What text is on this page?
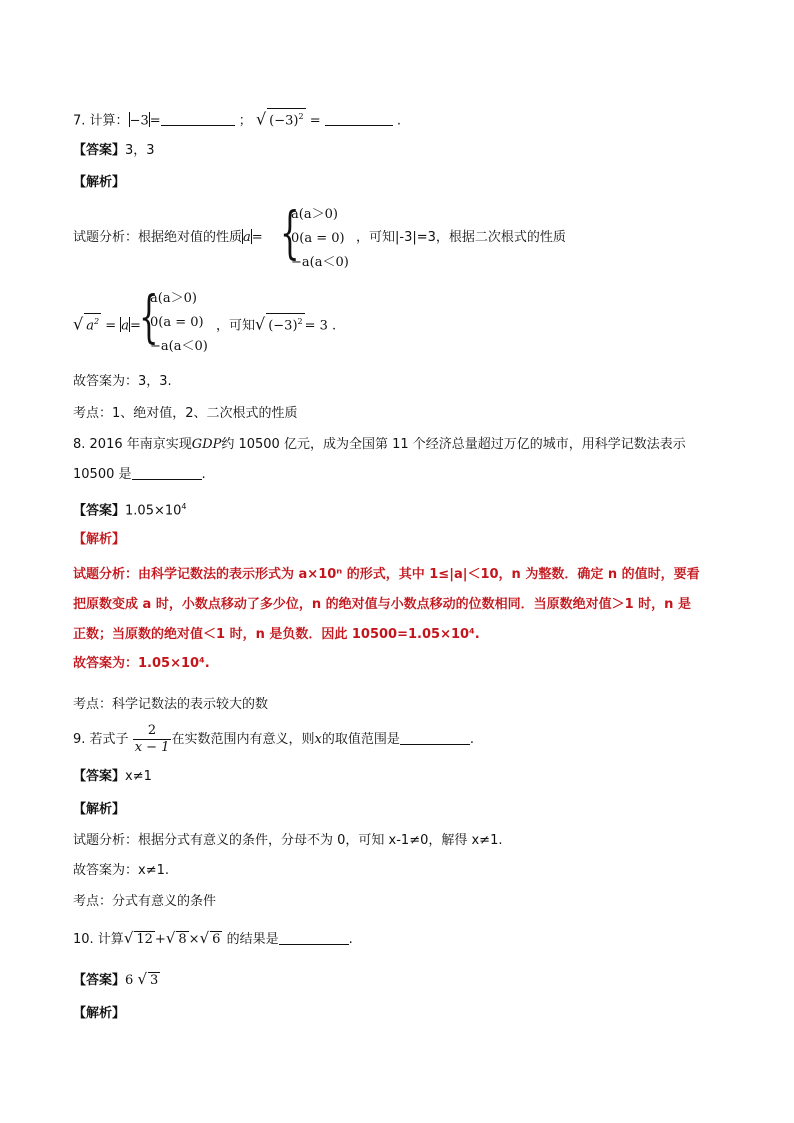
7. 计算：−3=	； √ $(-3)^2$ =	.
【答案】3，3
【解析】
试题分析：根据绝对值的性质a= {
a(a＞0)
0(a = 0)
−a(a＜0)
，可知|-3|=3，根据二次根式的性质
√ $a^2 = a=$
{
a(a＞0)
0(a = 0)
−a(a＜0)
，可知√ $(-3)^2 = 3$ .
故答案为：3，3.
考点：1、绝对值，2、二次根式的性质
8. 2016 年南京实现GDP约 10500 亿元，成为全国第 11 个经济总量超过万亿的城市，用科学记数法表示
10500 是	.
【答案】$1.05\times 10^4$
【解析】
试题分析：由科学记数法的表示形式为 a×10ⁿ 的形式，其中 1≤|a|＜10，n 为整数．确定 n 的值时，要看
把原数变成 a 时，小数点移动了多少位，n 的绝对值与小数点移动的位数相同．当原数绝对值＞1 时，n 是
正数；当原数的绝对值＜1 时，n 是负数．因此 10500=1.05×10⁴.
故答案为：1.05×10⁴.
考点：科学记数法的表示较大的数
9. 若式子 $\frac{2}{x - 1}$ 在实数范围内有意义，则x的取值范围是	.
【答案】x≠1
【解析】
试题分析：根据分式有意义的条件，分母不为 0，可知 x-1≠0，解得 x≠1.
故答案为：x≠1.
考点：分式有意义的条件
10. 计算√ 12 +√ 8 ×√ 6 的结果是	.
【答案】6 √ 3
【解析】
